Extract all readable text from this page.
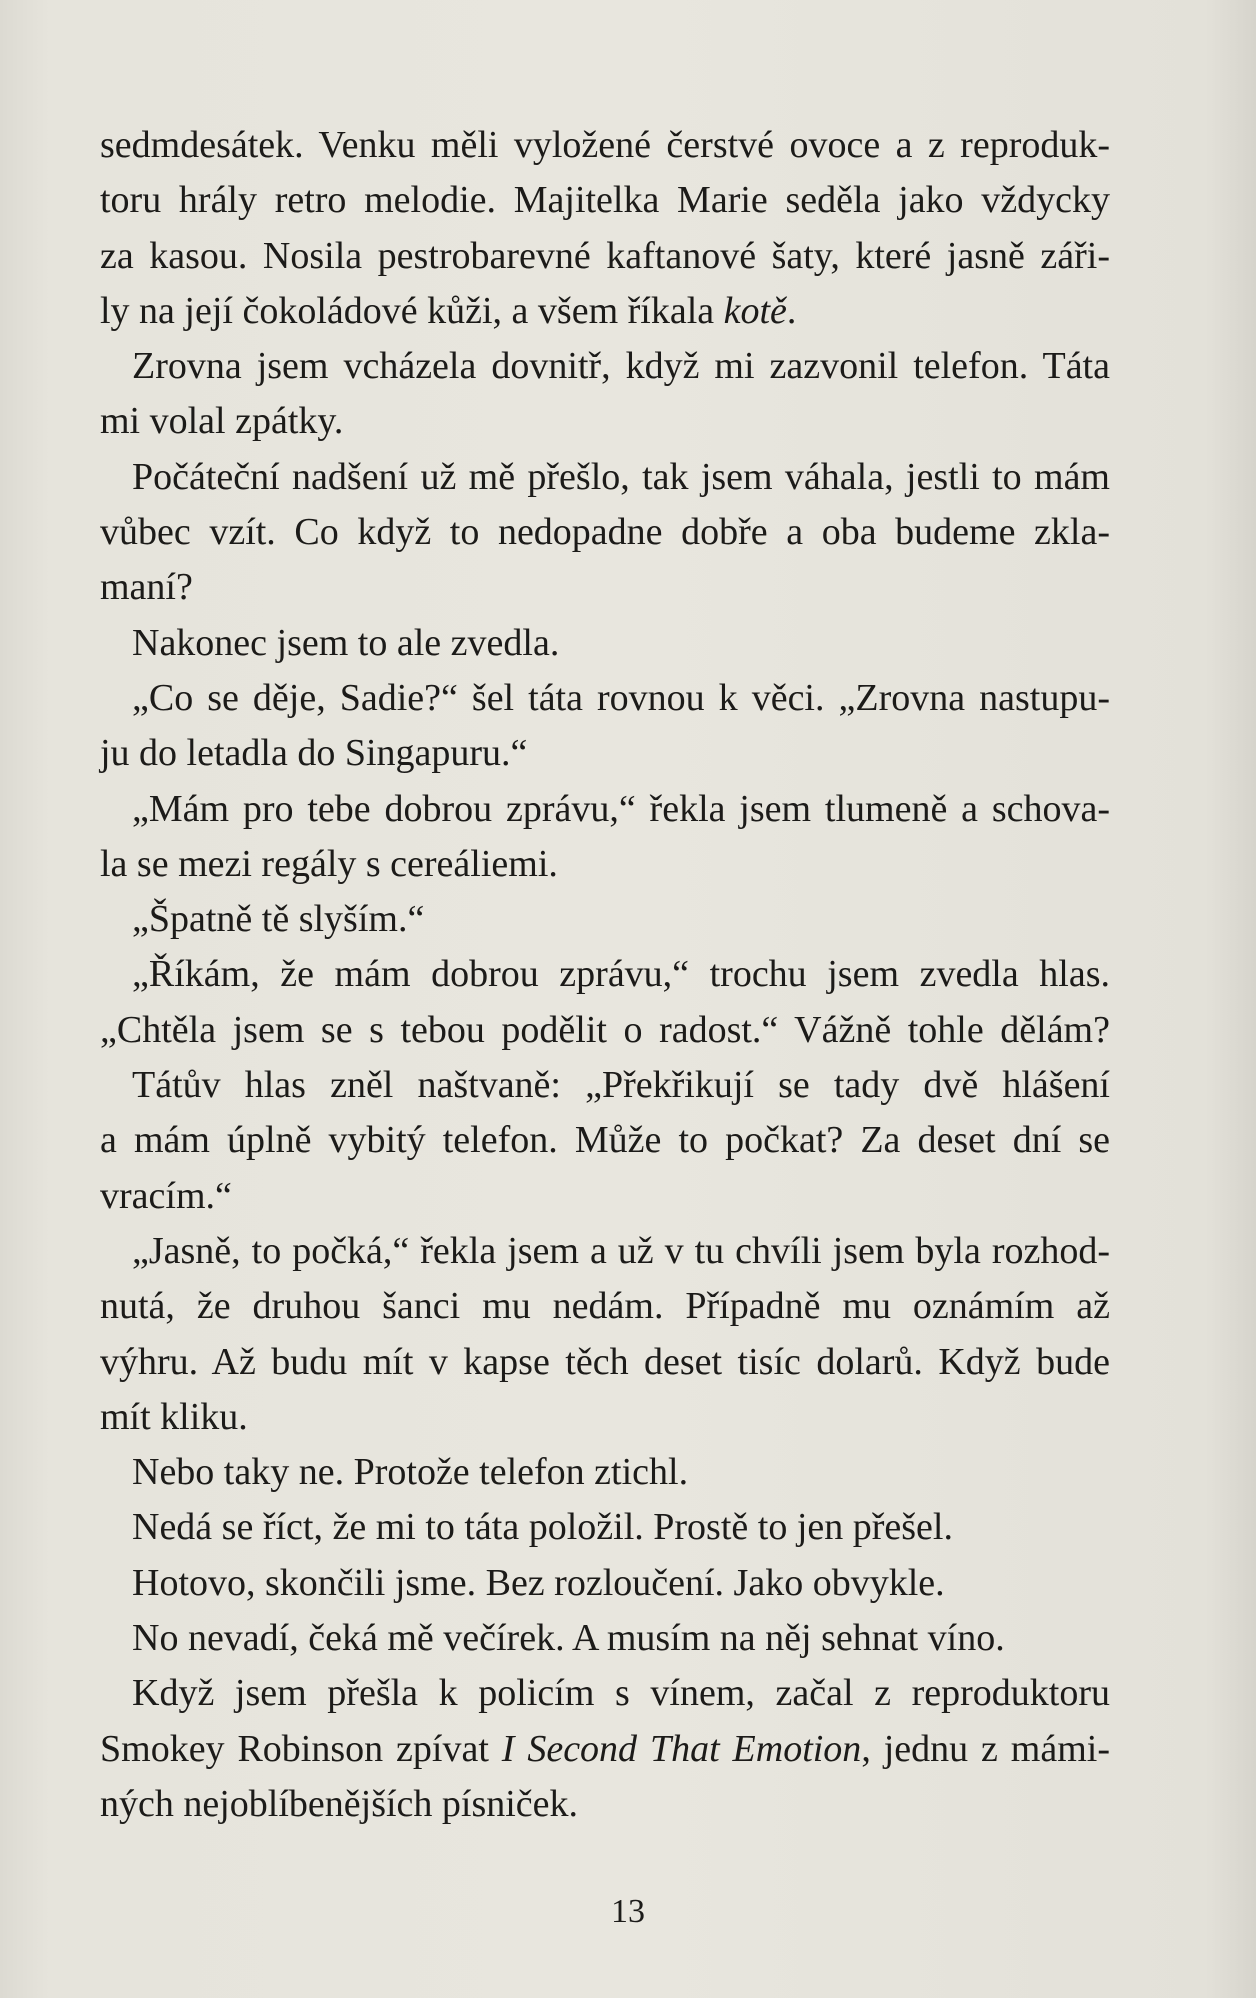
sedmdesátek. Venku měli vyložené čerstvé ovoce a z reproduk-
toru hrály retro melodie. Majitelka Marie seděla jako vždycky
za kasou. Nosila pestrobarevné kaftanové šaty, které jasně záři-
ly na její čokoládové kůži, a všem říkala kotě.
Zrovna jsem vcházela dovnitř, když mi zazvonil telefon. Táta
mi volal zpátky.
Počáteční nadšení už mě přešlo, tak jsem váhala, jestli to mám
vůbec vzít. Co když to nedopadne dobře a oba budeme zkla-
maní?
Nakonec jsem to ale zvedla.
„Co se děje, Sadie?“ šel táta rovnou k věci. „Zrovna nastupu-
ju do letadla do Singapuru.“
„Mám pro tebe dobrou zprávu,“ řekla jsem tlumeně a schova-
la se mezi regály s cereáliemi.
„Špatně tě slyším.“
„Říkám, že mám dobrou zprávu,“ trochu jsem zvedla hlas.
„Chtěla jsem se s tebou podělit o radost.“ Vážně tohle dělám?
Tátův hlas zněl naštvaně: „Překřikují se tady dvě hlášení
a mám úplně vybitý telefon. Může to počkat? Za deset dní se
vracím.“
„Jasně, to počká,“ řekla jsem a už v tu chvíli jsem byla rozhod-
nutá, že druhou šanci mu nedám. Případně mu oznámím až
výhru. Až budu mít v kapse těch deset tisíc dolarů. Když bude
mít kliku.
Nebo taky ne. Protože telefon ztichl.
Nedá se říct, že mi to táta položil. Prostě to jen přešel.
Hotovo, skončili jsme. Bez rozloučení. Jako obvykle.
No nevadí, čeká mě večírek. A musím na něj sehnat víno.
Když jsem přešla k policím s vínem, začal z reproduktoru
Smokey Robinson zpívat I Second That Emotion, jednu z mámi-
ných nejoblíbenějších písniček.
13
